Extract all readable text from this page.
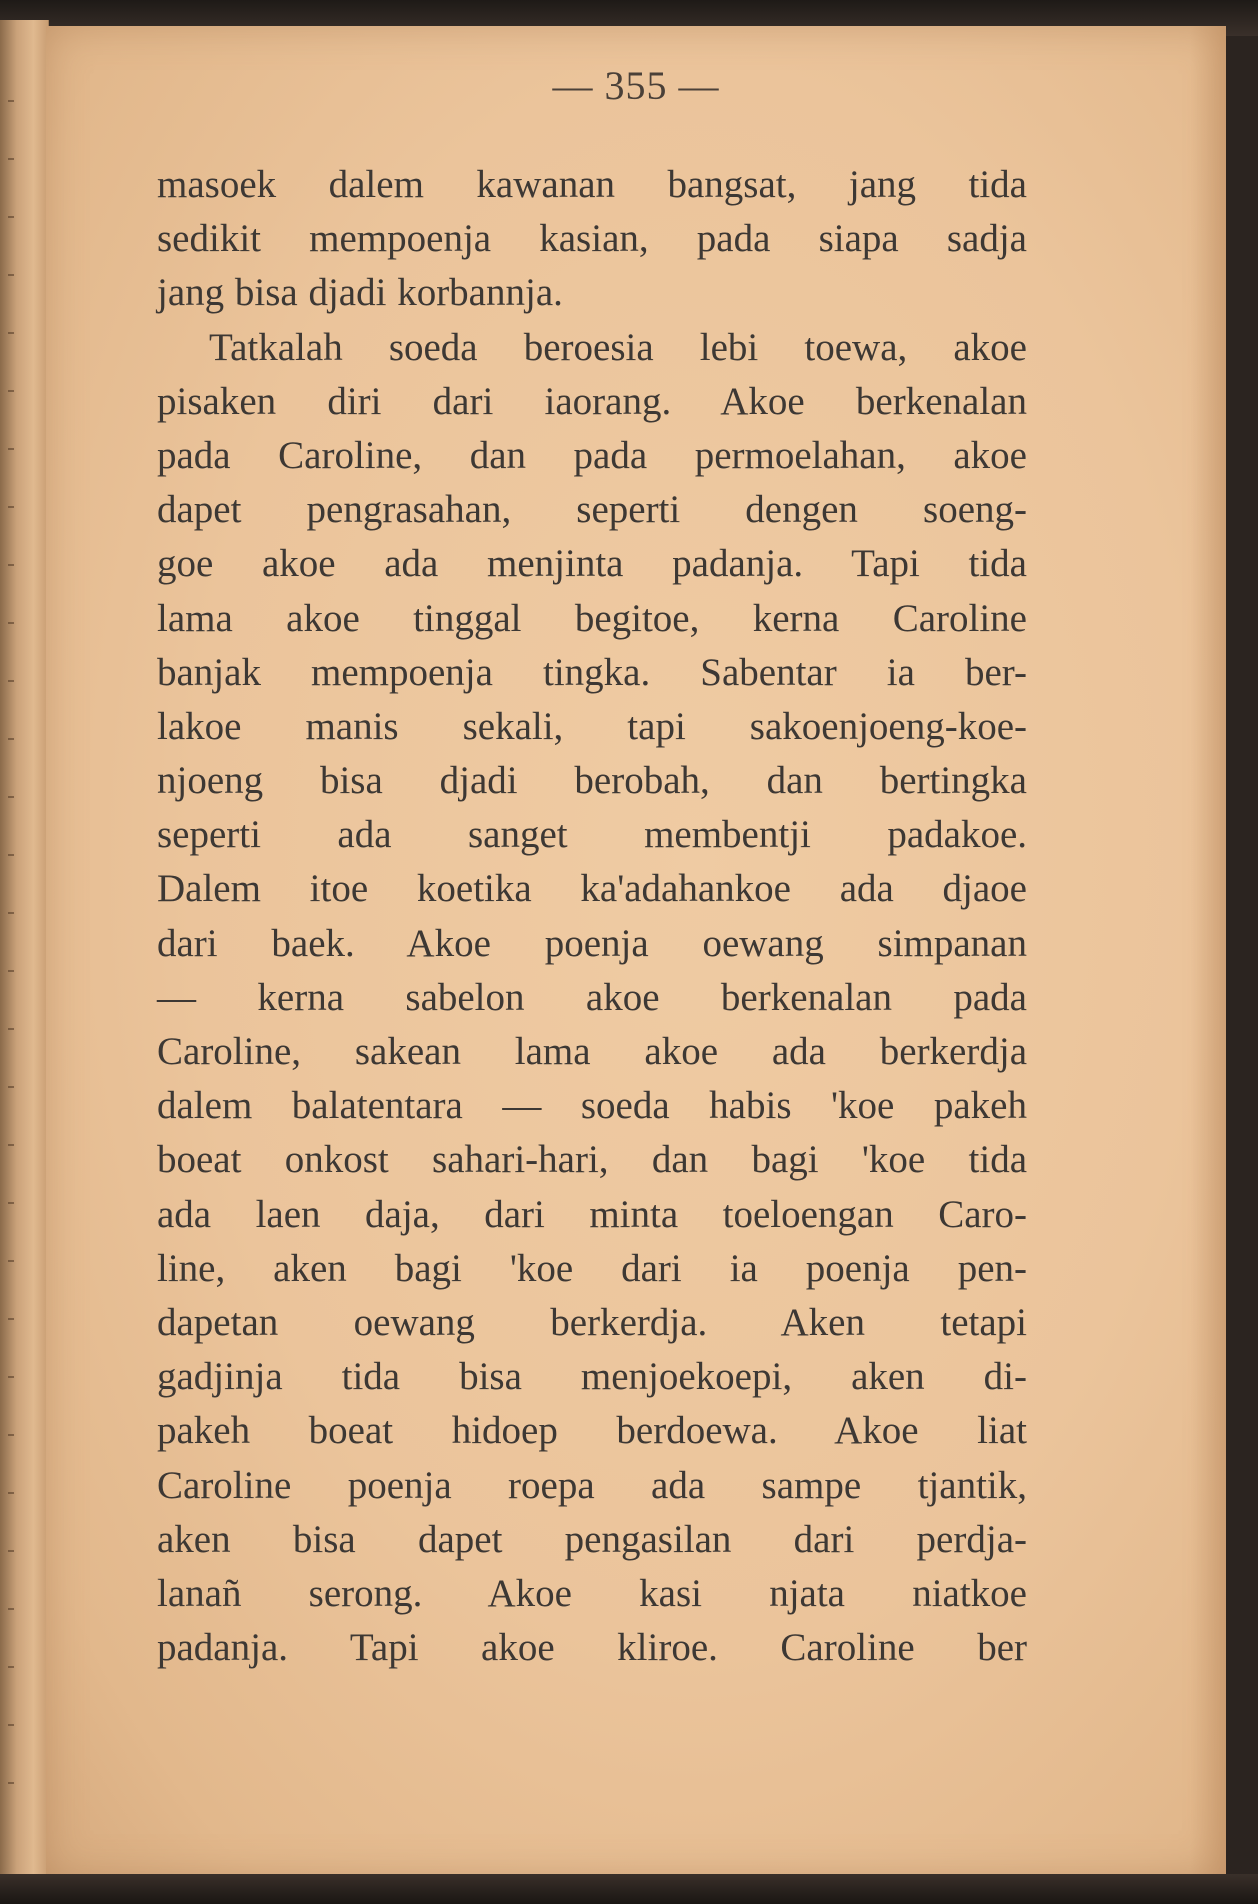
— 355 —
masoek dalem kawanan bangsat, jang tida
sedikit mempoenja kasian, pada siapa sadja
jang bisa djadi korbannja.
Tatkalah soeda beroesia lebi toewa, akoe
pisaken diri dari iaorang. Akoe berkenalan
pada Caroline, dan pada permoelahan, akoe
dapet pengrasahan, seperti dengen soeng-
goe akoe ada menjinta padanja. Tapi tida
lama akoe tinggal begitoe, kerna Caroline
banjak mempoenja tingka. Sabentar ia ber-
lakoe manis sekali, tapi sakoenjoeng-koe-
njoeng bisa djadi berobah, dan bertingka
seperti ada sanget membentji padakoe.
Dalem itoe koetika ka'adahankoe ada djaoe
dari baek. Akoe poenja oewang simpanan
— kerna sabelon akoe berkenalan pada
Caroline, sakean lama akoe ada berkerdja
dalem balatentara — soeda habis 'koe pakeh
boeat onkost sahari-hari, dan bagi 'koe tida
ada laen daja, dari minta toeloengan Caro-
line, aken bagi 'koe dari ia poenja pen-
dapetan oewang berkerdja. Aken tetapi
gadjinja tida bisa menjoekoepi, aken di-
pakeh boeat hidoep berdoewa. Akoe liat
Caroline poenja roepa ada sampe tjantik,
aken bisa dapet pengasilan dari perdja-
lanañ serong. Akoe kasi njata niatkoe
padanja. Tapi akoe kliroe. Caroline ber
